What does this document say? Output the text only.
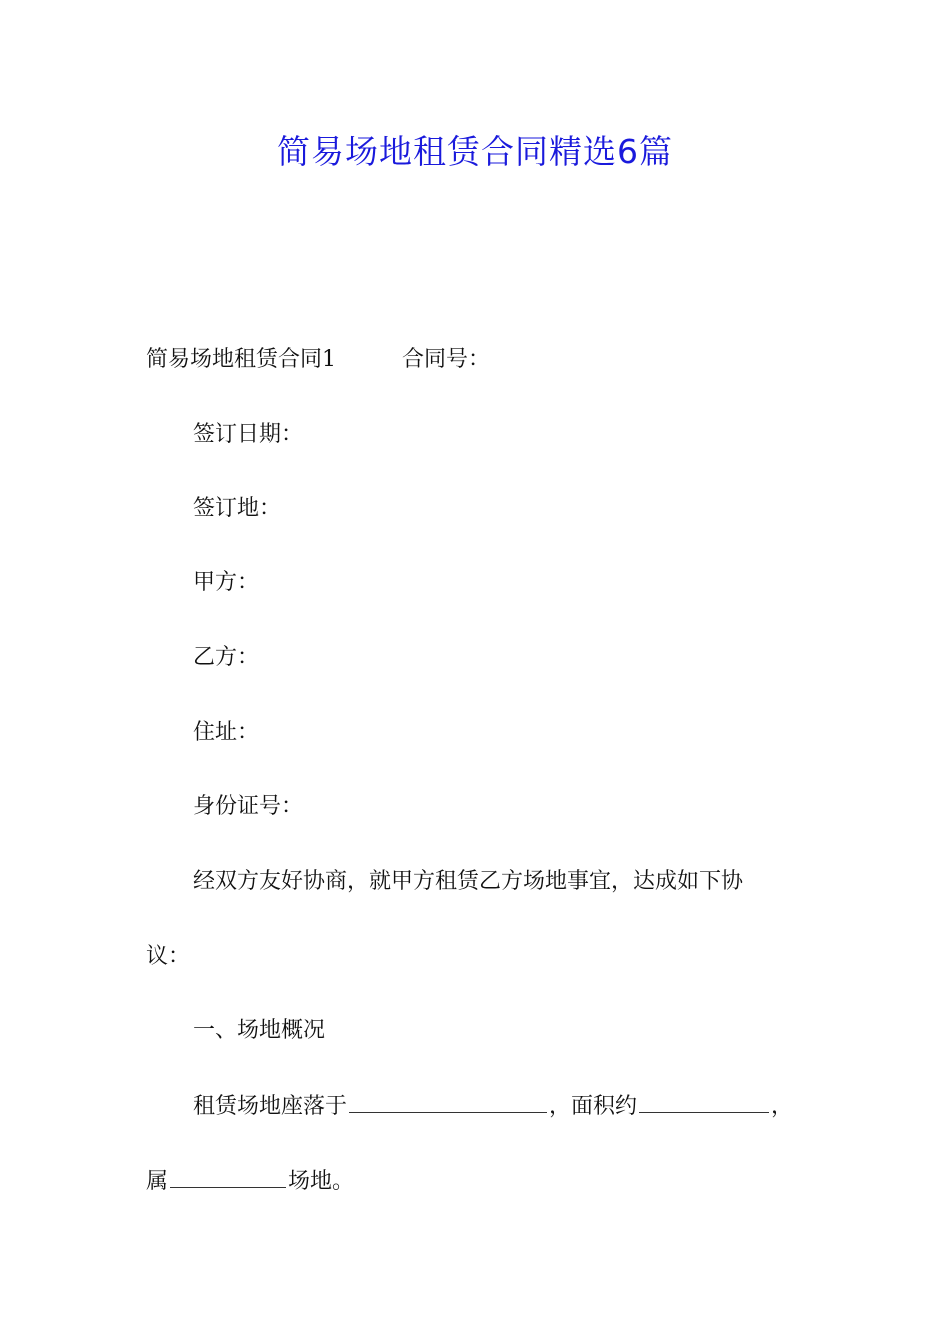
简易场地租赁合同精选6篇
简易场地租赁合同1	合同号：
签订日期：
签订地：
甲方：
乙方：
住址：
身份证号：
经双方友好协商，就甲方租赁乙方场地事宜，达成如下协
议：
一、场地概况
租赁场地座落于	，面积约	，
属	场地。
